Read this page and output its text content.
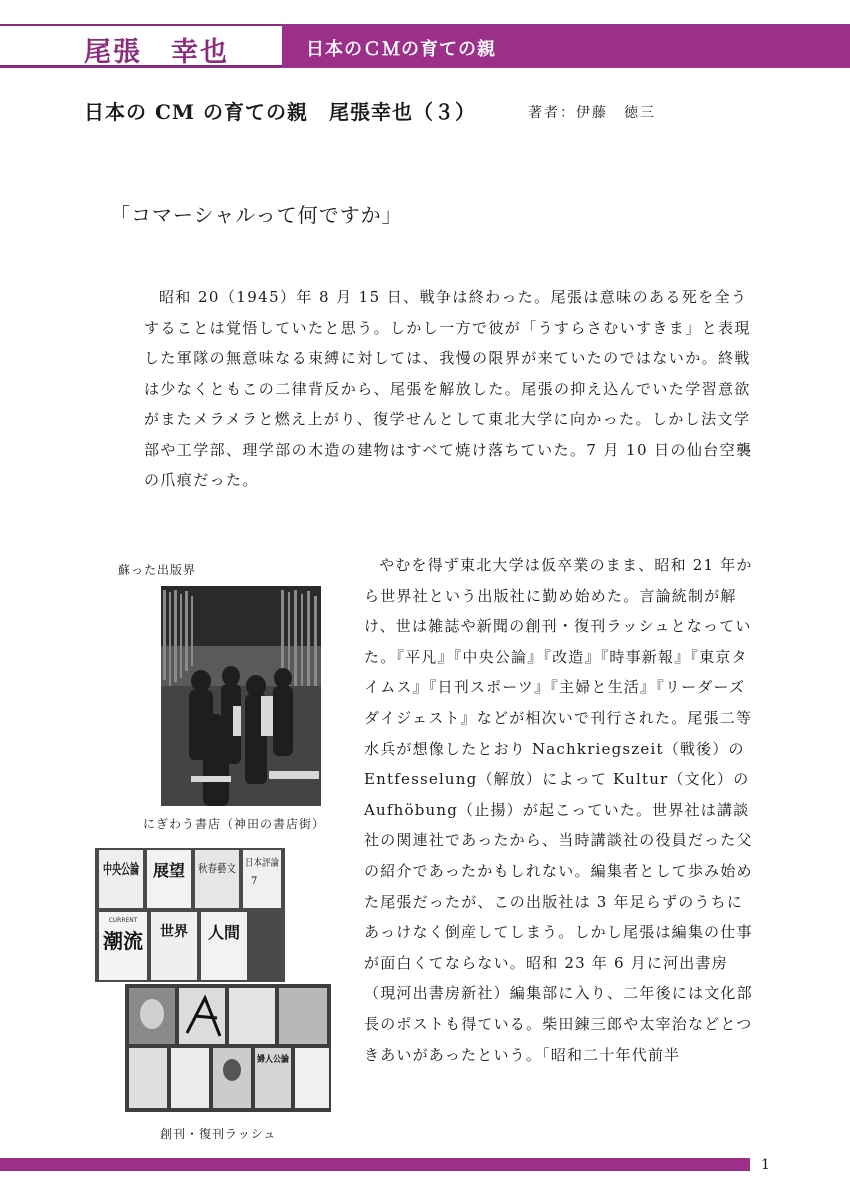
尾張　幸也	日本のＣＭの育ての親
日本の CM の育ての親　尾張幸也（３）	著者：伊藤　徳三
「コマーシャルって何ですか」

昭和 20（1945）年 8 月 15 日、戦争は終わった。尾張は意味のある死を全うすることは覚悟していたと思う。しかし一方で彼が「うすらさむいすきま」と表現した軍隊の無意味なる束縛に対しては、我慢の限界が来ていたのではないか。終戦は少なくともこの二律背反から、尾張を解放した。尾張の抑え込んでいた学習意欲がまたメラメラと燃え上がり、復学せんとして東北大学に向かった。しかし法文学部や工学部、理学部の木造の建物はすべて焼け落ちていた。7 月 10 日の仙台空襲の爪痕だった。

蘇った出版界
にぎわう書店（神田の書店街）
中央公論
展望 秋春藝文 日本評論
7
CURRENT
潮流 世界 人間
婦人公論
創刊・復刊ラッシュ

やむを得ず東北大学は仮卒業のまま、昭和 21 年から世界社という出版社に勤め始めた。言論統制が解け、世は雑誌や新聞の創刊・復刊ラッシュとなっていた。『平凡』『中央公論』『改造』『時事新報』『東京タイムス』『日刊スポーツ』『主婦と生活』『リーダーズダイジェスト』などが相次いで刊行された。尾張二等水兵が想像したとおり Nachkriegszeit（戦後）の Entfesselung（解放）によって Kultur（文化）の Aufhöbung（止揚）が起こっていた。世界社は講談社の関連社であったから、当時講談社の役員だった父の紹介であったかもしれない。編集者として歩み始めた尾張だったが、この出版社は 3 年足らずのうちにあっけなく倒産してしまう。しかし尾張は編集の仕事が面白くてならない。昭和 23 年 6 月に河出書房（現河出書房新社）編集部に入り、二年後には文化部長のポストも得ている。柴田錬三郎や太宰治などとつきあいがあったという。「昭和二十年代前半

1
